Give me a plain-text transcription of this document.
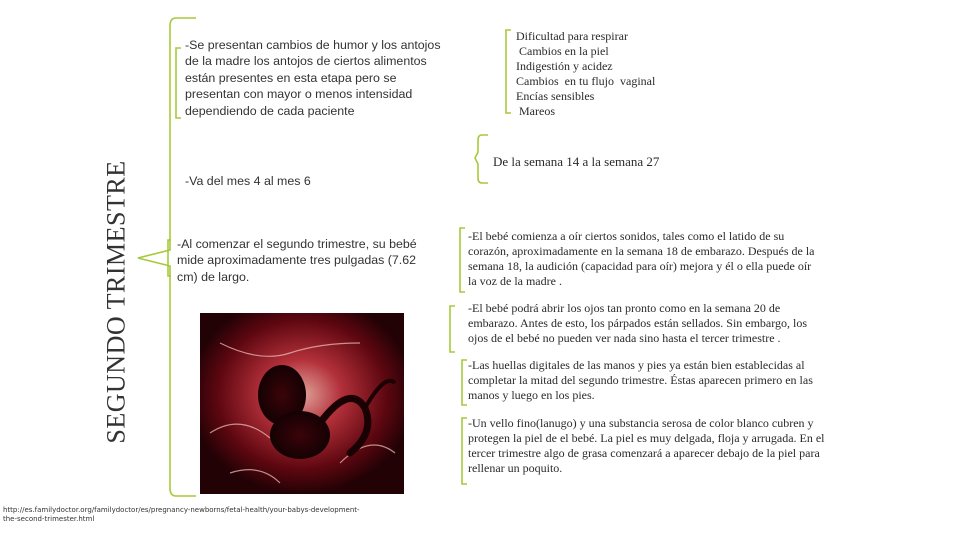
SEGUNDO TRIMESTRE
-Se presentan cambios de humor y los antojos de la madre los antojos de ciertos alimentos están presentes en esta etapa pero se presentan con mayor o menos intensidad dependiendo de cada paciente
-Va del mes 4 al mes 6
-Al comenzar el segundo trimestre, su bebé mide aproximadamente tres pulgadas (7.62 cm) de largo.
Dificultad para respirar
Cambios en la piel
Indigestión y acidez
Cambios  en tu flujo  vaginal
Encías sensibles
Mareos
De la semana 14 a la semana 27
-El bebé comienza a oír ciertos sonidos, tales como el latido de su corazón, aproximadamente en la semana 18 de embarazo. Después de la semana 18, la audición (capacidad para oír) mejora y él o ella puede oír la voz de la madre .
-El bebé podrá abrir los ojos tan pronto como en la semana 20 de embarazo. Antes de esto, los párpados están sellados. Sin embargo, los ojos de el bebé no pueden ver nada sino hasta el tercer trimestre .
-Las huellas digitales de las manos y pies ya están bien establecidas al completar la mitad del segundo trimestre. Éstas aparecen primero en las manos y luego en los pies.
-Un vello fino(lanugo) y una substancia serosa de color blanco cubren y protegen la piel de el bebé. La piel es muy delgada, floja y arrugada. En el tercer trimestre algo de grasa comenzará a aparecer debajo de la piel para rellenar un poquito.
http://es.familydoctor.org/familydoctor/es/pregnancy-newborns/fetal-health/your-babys-development-the-second-trimester.html
